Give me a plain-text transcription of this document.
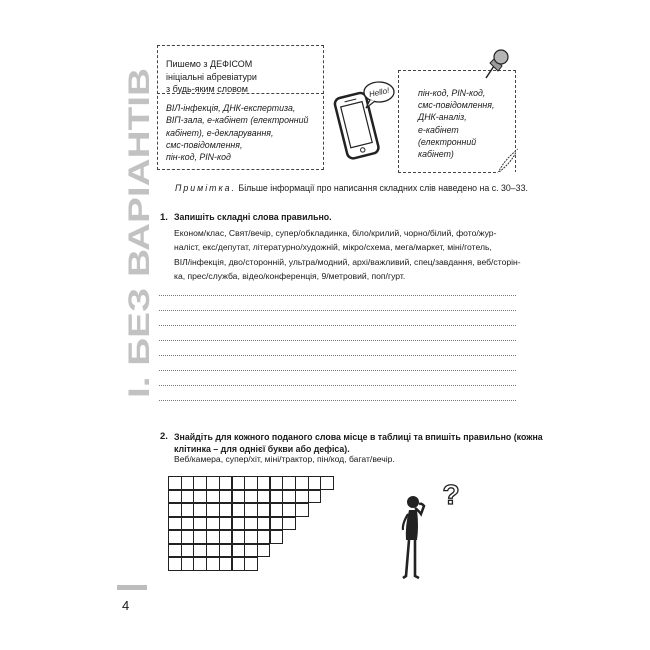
І. БЕЗ ВАРІАНТІВ
Пишемо з ДЕФІСОМ
ініціальні абревіатури
з будь-яким словом
ВІЛ-інфекція, ДНК-експертиза,
ВІП-зала, е-кабінет (електронний
кабінет), е-декларування,
смс-повідомлення,
пін-код, PIN-код
Hello!	пін-код, PIN-код,
смс-повідомлення,
ДНК-аналіз,
е-кабінет
(електронний
кабінет)
Примітка. Більше інформації про написання складних слів наведено на с. 30–33.
1. Запишіть складні слова правильно.
Економ/клас, Свят/вечір, супер/обкладинка, біло/крилий, чорно/білий, фото/жур-
наліст, екс/депутат, літературно/художній, мікро/схема, мега/маркет, міні/готель,
ВІЛ/інфекція, дво/сторонній, ультра/модний, архі/важливий, спец/завдання, веб/сторін-
ка, прес/служба, відео/конференція, 9/метровий, поп/гурт.
2. Знайдіть для кожного поданого слова місце в таблиці та впишіть правильно (кожна
клітинка – для однієї букви або дефіса).
Веб/камера, супер/хіт, міні/трактор, пін/код, багат/вечір.
?
4
